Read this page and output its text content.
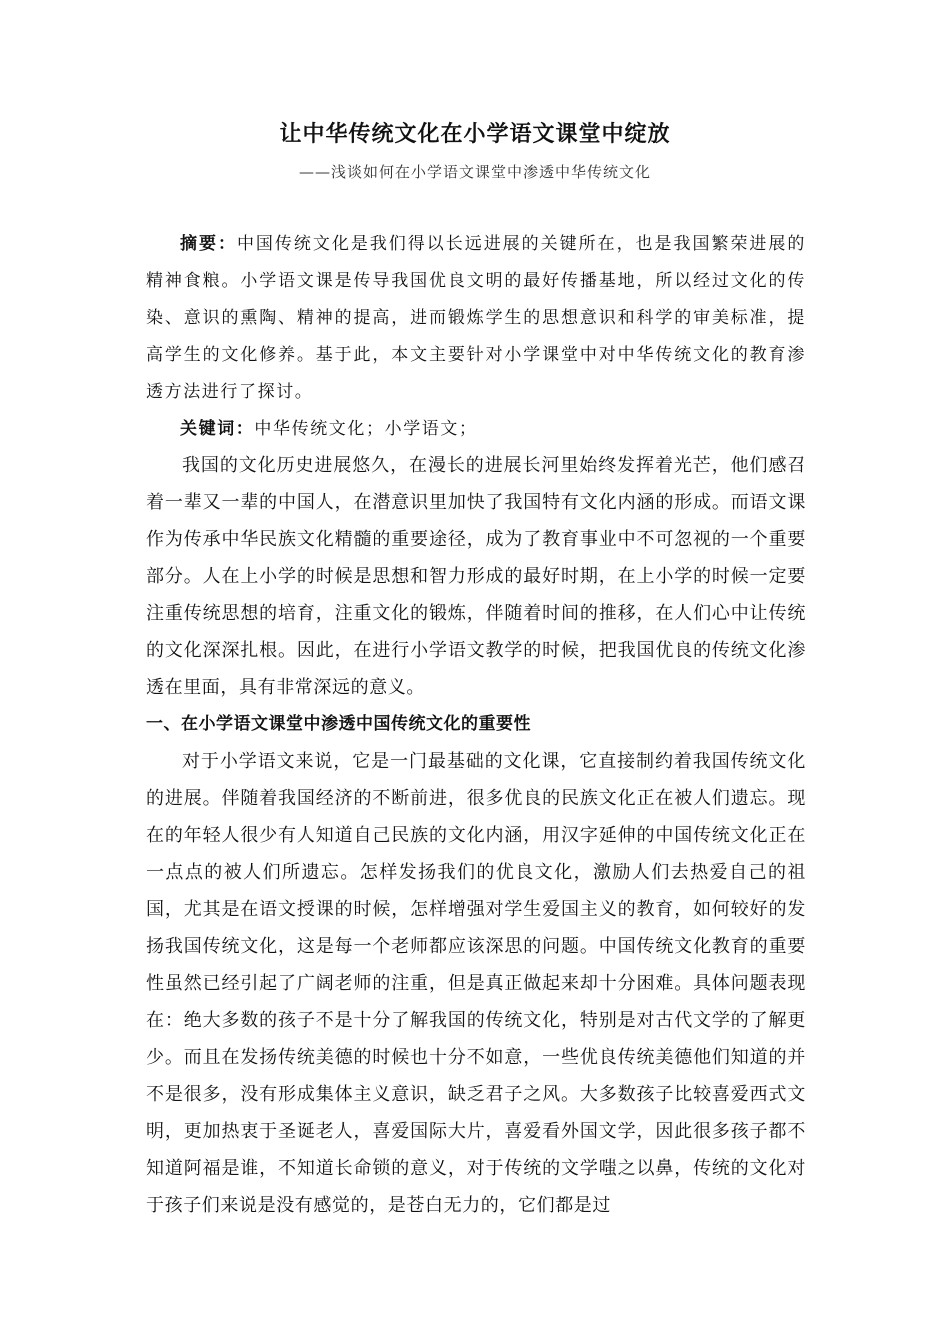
让中华传统文化在小学语文课堂中绽放
——浅谈如何在小学语文课堂中渗透中华传统文化

摘要：中国传统文化是我们得以长远进展的关键所在，也是我国繁荣进展的精神食粮。小学语文课是传导我国优良文明的最好传播基地，所以经过文化的传染、意识的熏陶、精神的提高，进而锻炼学生的思想意识和科学的审美标准，提高学生的文化修养。基于此，本文主要针对小学课堂中对中华传统文化的教育渗透方法进行了探讨。

关键词：中华传统文化；小学语文；

我国的文化历史进展悠久，在漫长的进展长河里始终发挥着光芒，他们感召着一辈又一辈的中国人，在潜意识里加快了我国特有文化内涵的形成。而语文课作为传承中华民族文化精髓的重要途径，成为了教育事业中不可忽视的一个重要部分。人在上小学的时候是思想和智力形成的最好时期，在上小学的时候一定要注重传统思想的培育，注重文化的锻炼，伴随着时间的推移，在人们心中让传统的文化深深扎根。因此，在进行小学语文教学的时候，把我国优良的传统文化渗透在里面，具有非常深远的意义。

一、在小学语文课堂中渗透中国传统文化的重要性

对于小学语文来说，它是一门最基础的文化课，它直接制约着我国传统文化的进展。伴随着我国经济的不断前进，很多优良的民族文化正在被人们遗忘。现在的年轻人很少有人知道自己民族的文化内涵，用汉字延伸的中国传统文化正在一点点的被人们所遗忘。怎样发扬我们的优良文化，激励人们去热爱自己的祖国，尤其是在语文授课的时候，怎样增强对学生爱国主义的教育，如何较好的发扬我国传统文化，这是每一个老师都应该深思的问题。中国传统文化教育的重要性虽然已经引起了广阔老师的注重，但是真正做起来却十分困难。具体问题表现在：绝大多数的孩子不是十分了解我国的传统文化，特别是对古代文学的了解更少。而且在发扬传统美德的时候也十分不如意，一些优良传统美德他们知道的并不是很多，没有形成集体主义意识，缺乏君子之风。大多数孩子比较喜爱西式文明，更加热衷于圣诞老人，喜爱国际大片，喜爱看外国文学，因此很多孩子都不知道阿福是谁，不知道长命锁的意义，对于传统的文学嗤之以鼻，传统的文化对于孩子们来说是没有感觉的，是苍白无力的，它们都是过
